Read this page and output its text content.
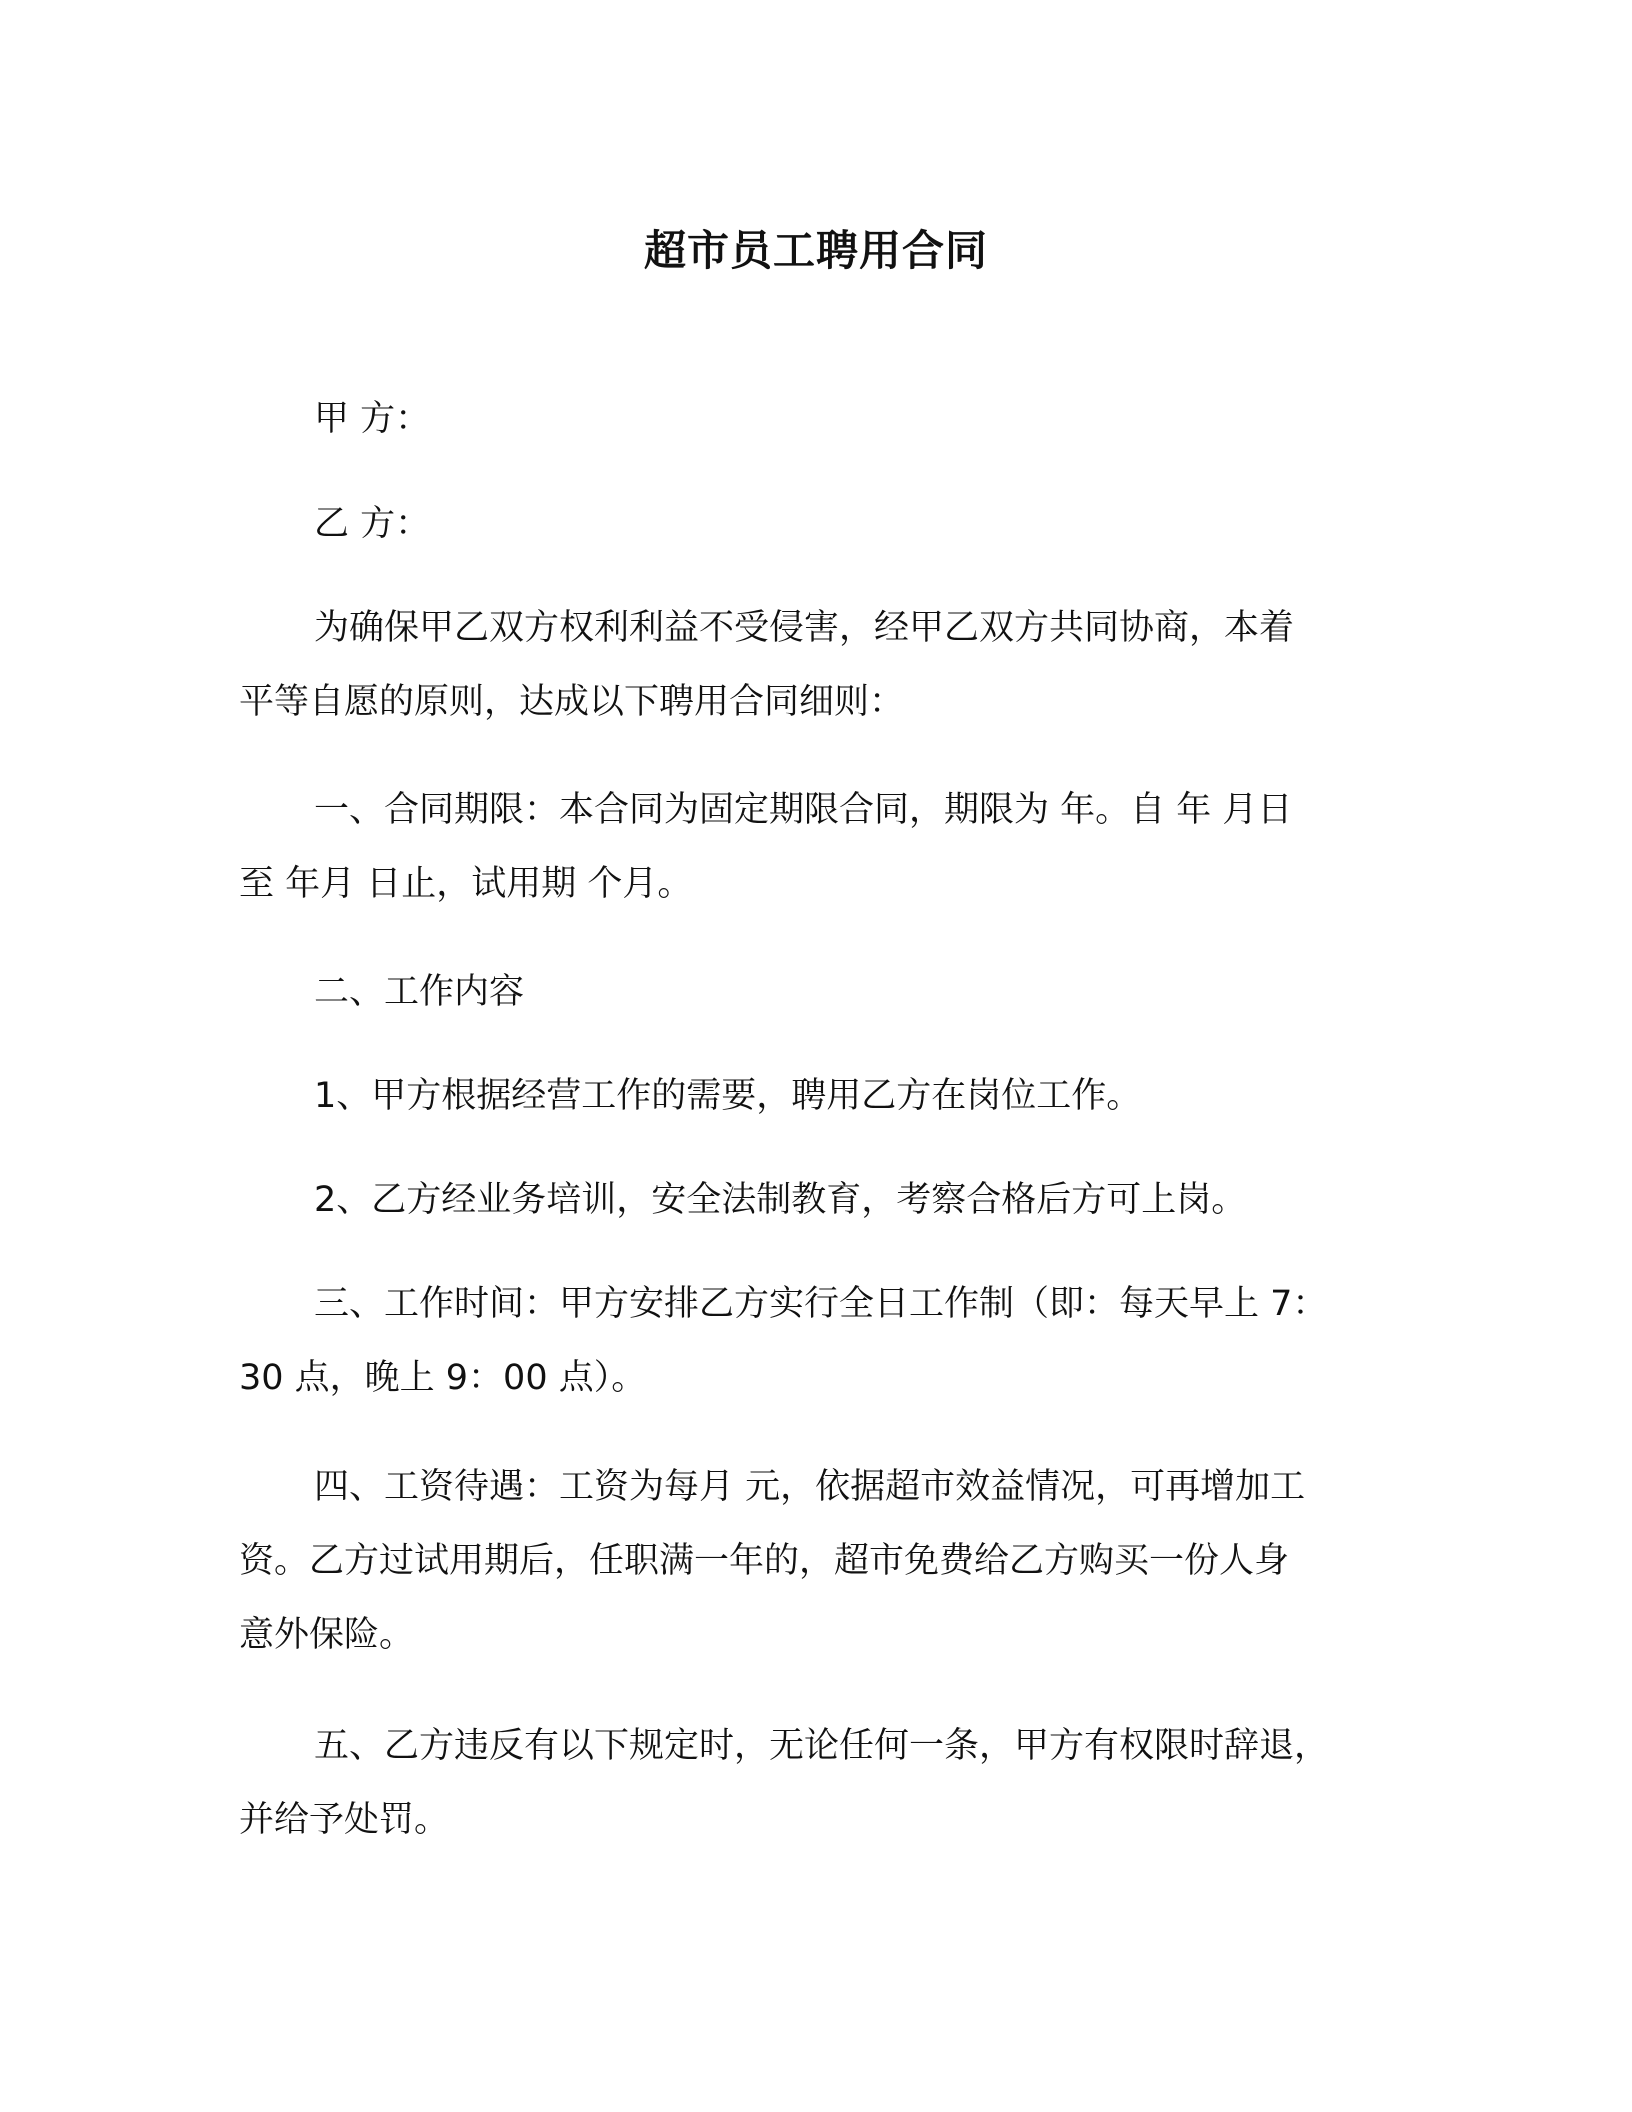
超市员工聘用合同
甲 方：
乙 方：
为确保甲乙双方权利利益不受侵害，经甲乙双方共同协商，本着
平等自愿的原则，达成以下聘用合同细则：
一、合同期限：本合同为固定期限合同，期限为 年。自 年 月日
至 年月 日止，试用期 个月。
二、工作内容
1、甲方根据经营工作的需要，聘用乙方在岗位工作。
2、乙方经业务培训，安全法制教育，考察合格后方可上岗。
三、工作时间：甲方安排乙方实行全日工作制（即：每天早上 7：
30 点，晚上 9：00 点）。
四、工资待遇：工资为每月 元，依据超市效益情况，可再增加工
资。乙方过试用期后，任职满一年的，超市免费给乙方购买一份人身
意外保险。
五、乙方违反有以下规定时，无论任何一条，甲方有权限时辞退，
并给予处罚。
